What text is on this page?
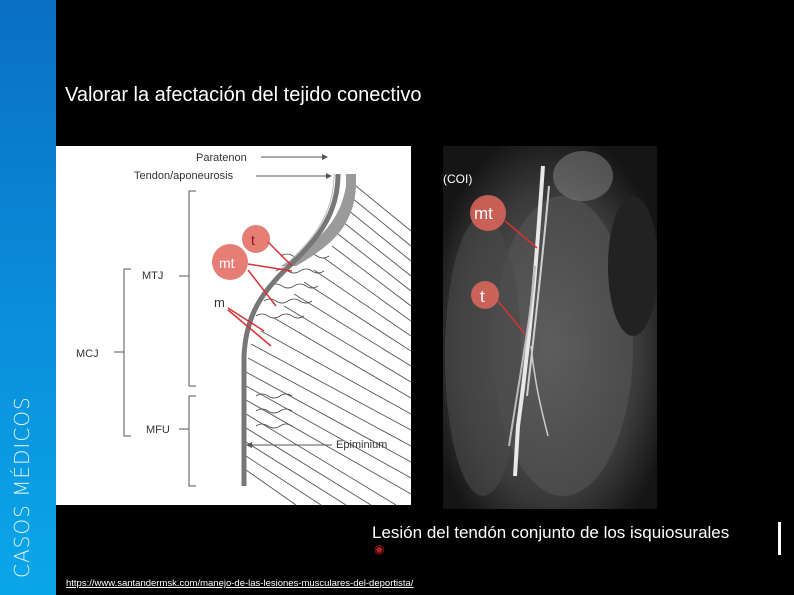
CASOS MÉDICOS
Valorar la afectación del tejido conectivo
Paratenon
Tendon/aponeurosis
MTJ
MCJ
MFU
m
Epiminium
t
mt
(COI)
mt
t
Lesión del tendón conjunto de los isquiosurales
◉
https://www.santandermsk.com/manejo-de-las-lesiones-musculares-del-deportista/
